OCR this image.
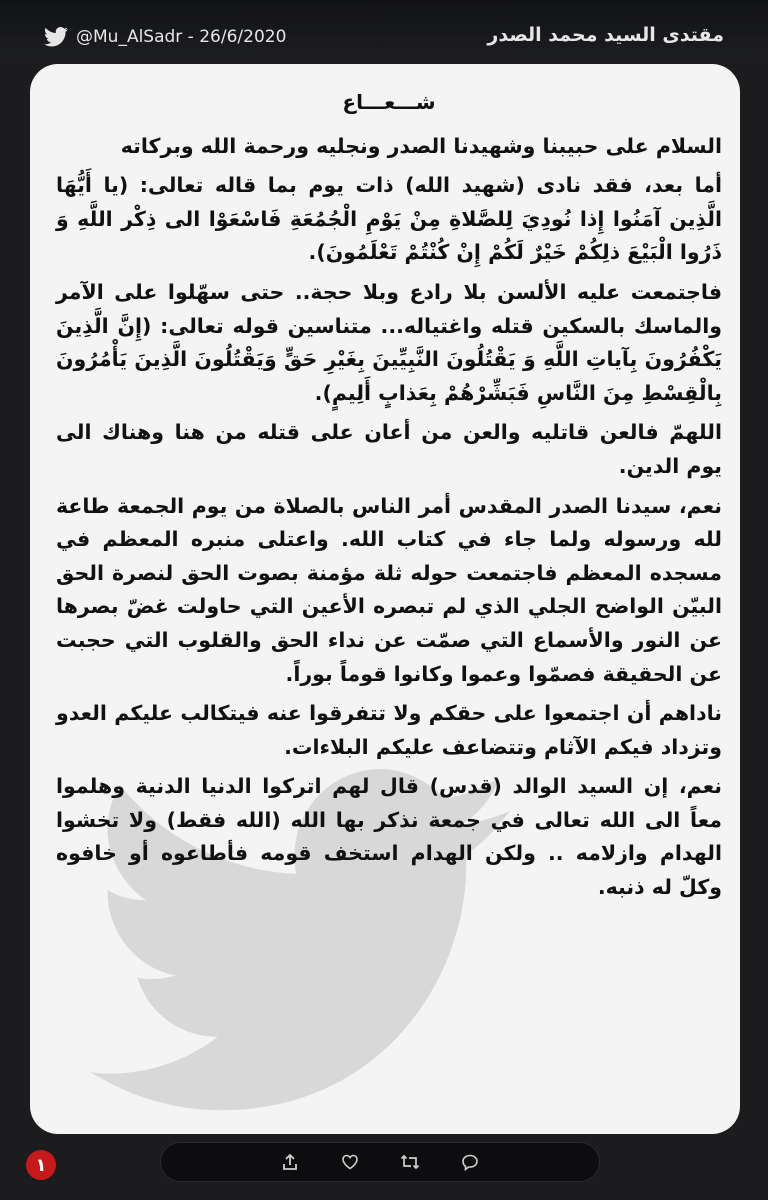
@Mu_AlSadr - 26/6/2020	مقتدى السيد محمد الصدر
شـــعـــاع

السلام على حبيبنا وشهيدنا الصدر ونجليه ورحمة الله وبركاته

أما بعد، فقد نادى (شهيد الله) ذات يوم بما قاله تعالى: (يا أَيُّهَا الَّذِين آمَنُوا إِذا نُودِيَ لِلصَّلاةِ مِنْ يَوْمِ الْجُمُعَةِ فَاسْعَوْا الى ذِكْر اللَّهِ وَ ذَرُوا الْبَيْعَ ذلِكُمْ خَيْرٌ لَكُمْ إِنْ كُنْتُمْ تَعْلَمُونَ).

فاجتمعت عليه الألسن بلا رادع وبلا حجة.. حتى سهّلوا على الآمر والماسك بالسكين قتله واغتياله... متناسين قوله تعالى: (إِنَّ الَّذِينَ يَكْفُرُونَ بِآياتِ اللَّهِ وَ يَقْتُلُونَ النَّبِيِّينَ بِغَيْرِ حَقٍّ وَيَقْتُلُونَ الَّذِينَ يَأْمُرُونَ بِالْقِسْطِ مِنَ النَّاسِ فَبَشِّرْهُمْ بِعَذابٍ أَلِيمٍ).

اللهمّ فالعن قاتليه والعن من أعان على قتله من هنا وهناك الى يوم الدين.

نعم، سيدنا الصدر المقدس أمر الناس بالصلاة من يوم الجمعة طاعة لله ورسوله ولما جاء في كتاب الله. واعتلى منبره المعظم في مسجده المعظم فاجتمعت حوله ثلة مؤمنة بصوت الحق لنصرة الحق البيّن الواضح الجلي الذي لم تبصره الأعين التي حاولت غضّ بصرها عن النور والأسماع التي صمّت عن نداء الحق والقلوب التي حجبت عن الحقيقة فصمّوا وعموا وكانوا قوماً بوراً.

ناداهم أن اجتمعوا على حقكم ولا تتفرقوا عنه فيتكالب عليكم العدو وتزداد فيكم الآثام وتتضاعف عليكم البلاءات.

نعم، إن السيد الوالد (قدس) قال لهم اتركوا الدنيا الدنية وهلموا معاً الى الله تعالى في جمعة نذكر بها الله (الله فقط) ولا تخشوا الهدام وازلامه .. ولكن الهدام استخف قومه فأطاعوه أو خافوه وكلّ له ذنبه.

١
